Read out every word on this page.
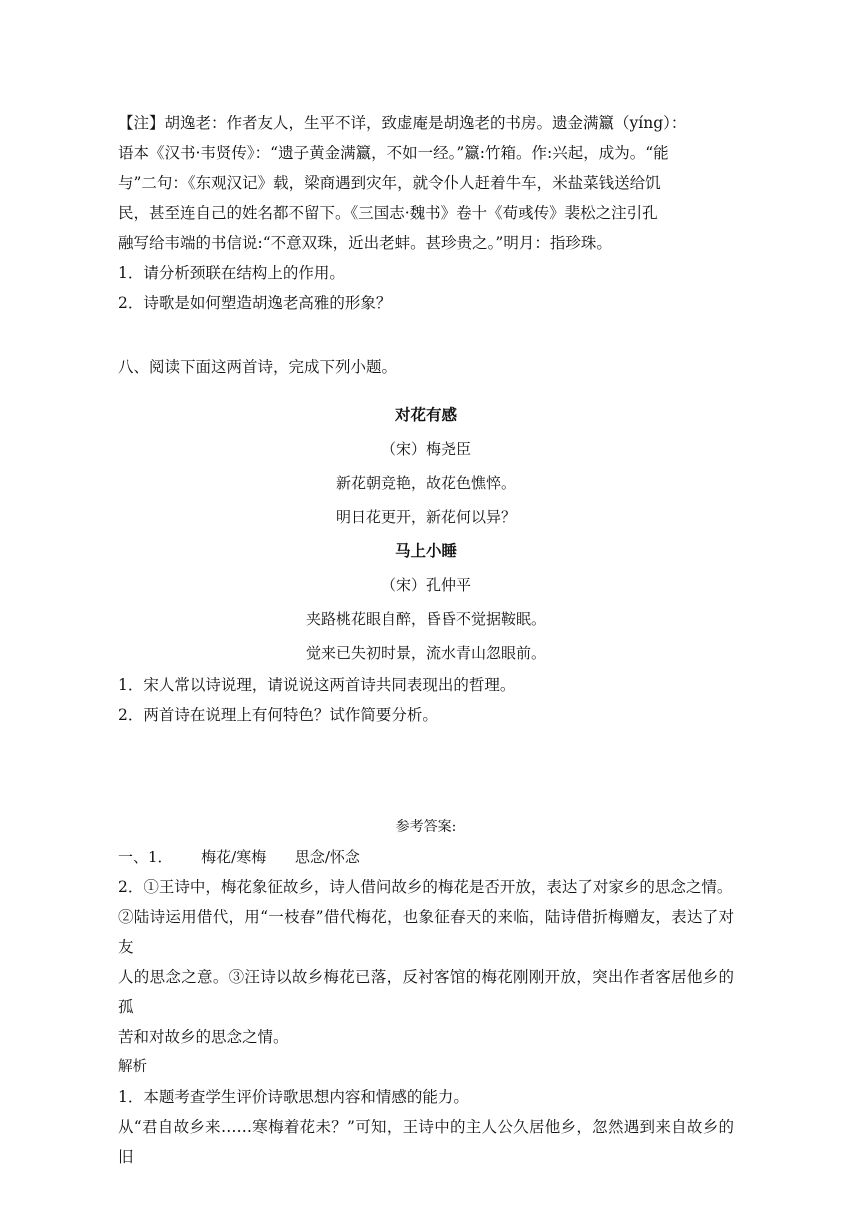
【注】胡逸老：作者友人，生平不详，致虚庵是胡逸老的书房。遗金满籝（yíng）：

语本《汉书·韦贤传》：“遗子黄金满籝，不如一经。”籝:竹箱。作:兴起，成为。“能

与”二句：《东观汉记》载，梁商遇到灾年，就令仆人赶着牛车，米盐菜钱送给饥

民，甚至连自己的姓名都不留下。《三国志·魏书》卷十《荀彧传》裴松之注引孔

融写给韦端的书信说:“不意双珠，近出老蚌。甚珍贵之。”明月：指珍珠。

1．请分析颈联在结构上的作用。

2．诗歌是如何塑造胡逸老高雅的形象？

八、阅读下面这两首诗，完成下列小题。

对花有感
（宋）梅尧臣
新花朝竞艳，故花色憔悴。
明日花更开，新花何以异？
马上小睡
（宋）孔仲平
夹路桃花眼自醉，昏昏不觉据鞍眠。
觉来已失初时景，流水青山忽眼前。

1．宋人常以诗说理，请说说这两首诗共同表现出的哲理。

2．两首诗在说理上有何特色？试作简要分析。

参考答案:
一、1．      梅花/寒梅      思念/怀念

2．①王诗中，梅花象征故乡，诗人借问故乡的梅花是否开放，表达了对家乡的思念之情。

②陆诗运用借代，用“一枝春”借代梅花，也象征春天的来临，陆诗借折梅赠友，表达了对友

人的思念之意。③汪诗以故乡梅花已落，反衬客馆的梅花刚刚开放，突出作者客居他乡的孤

苦和对故乡的思念之情。

解析

1．本题考查学生评价诗歌思想内容和情感的能力。

从“君自故乡来……寒梅着花未？”可知，王诗中的主人公久居他乡，忽然遇到来自故乡的旧
